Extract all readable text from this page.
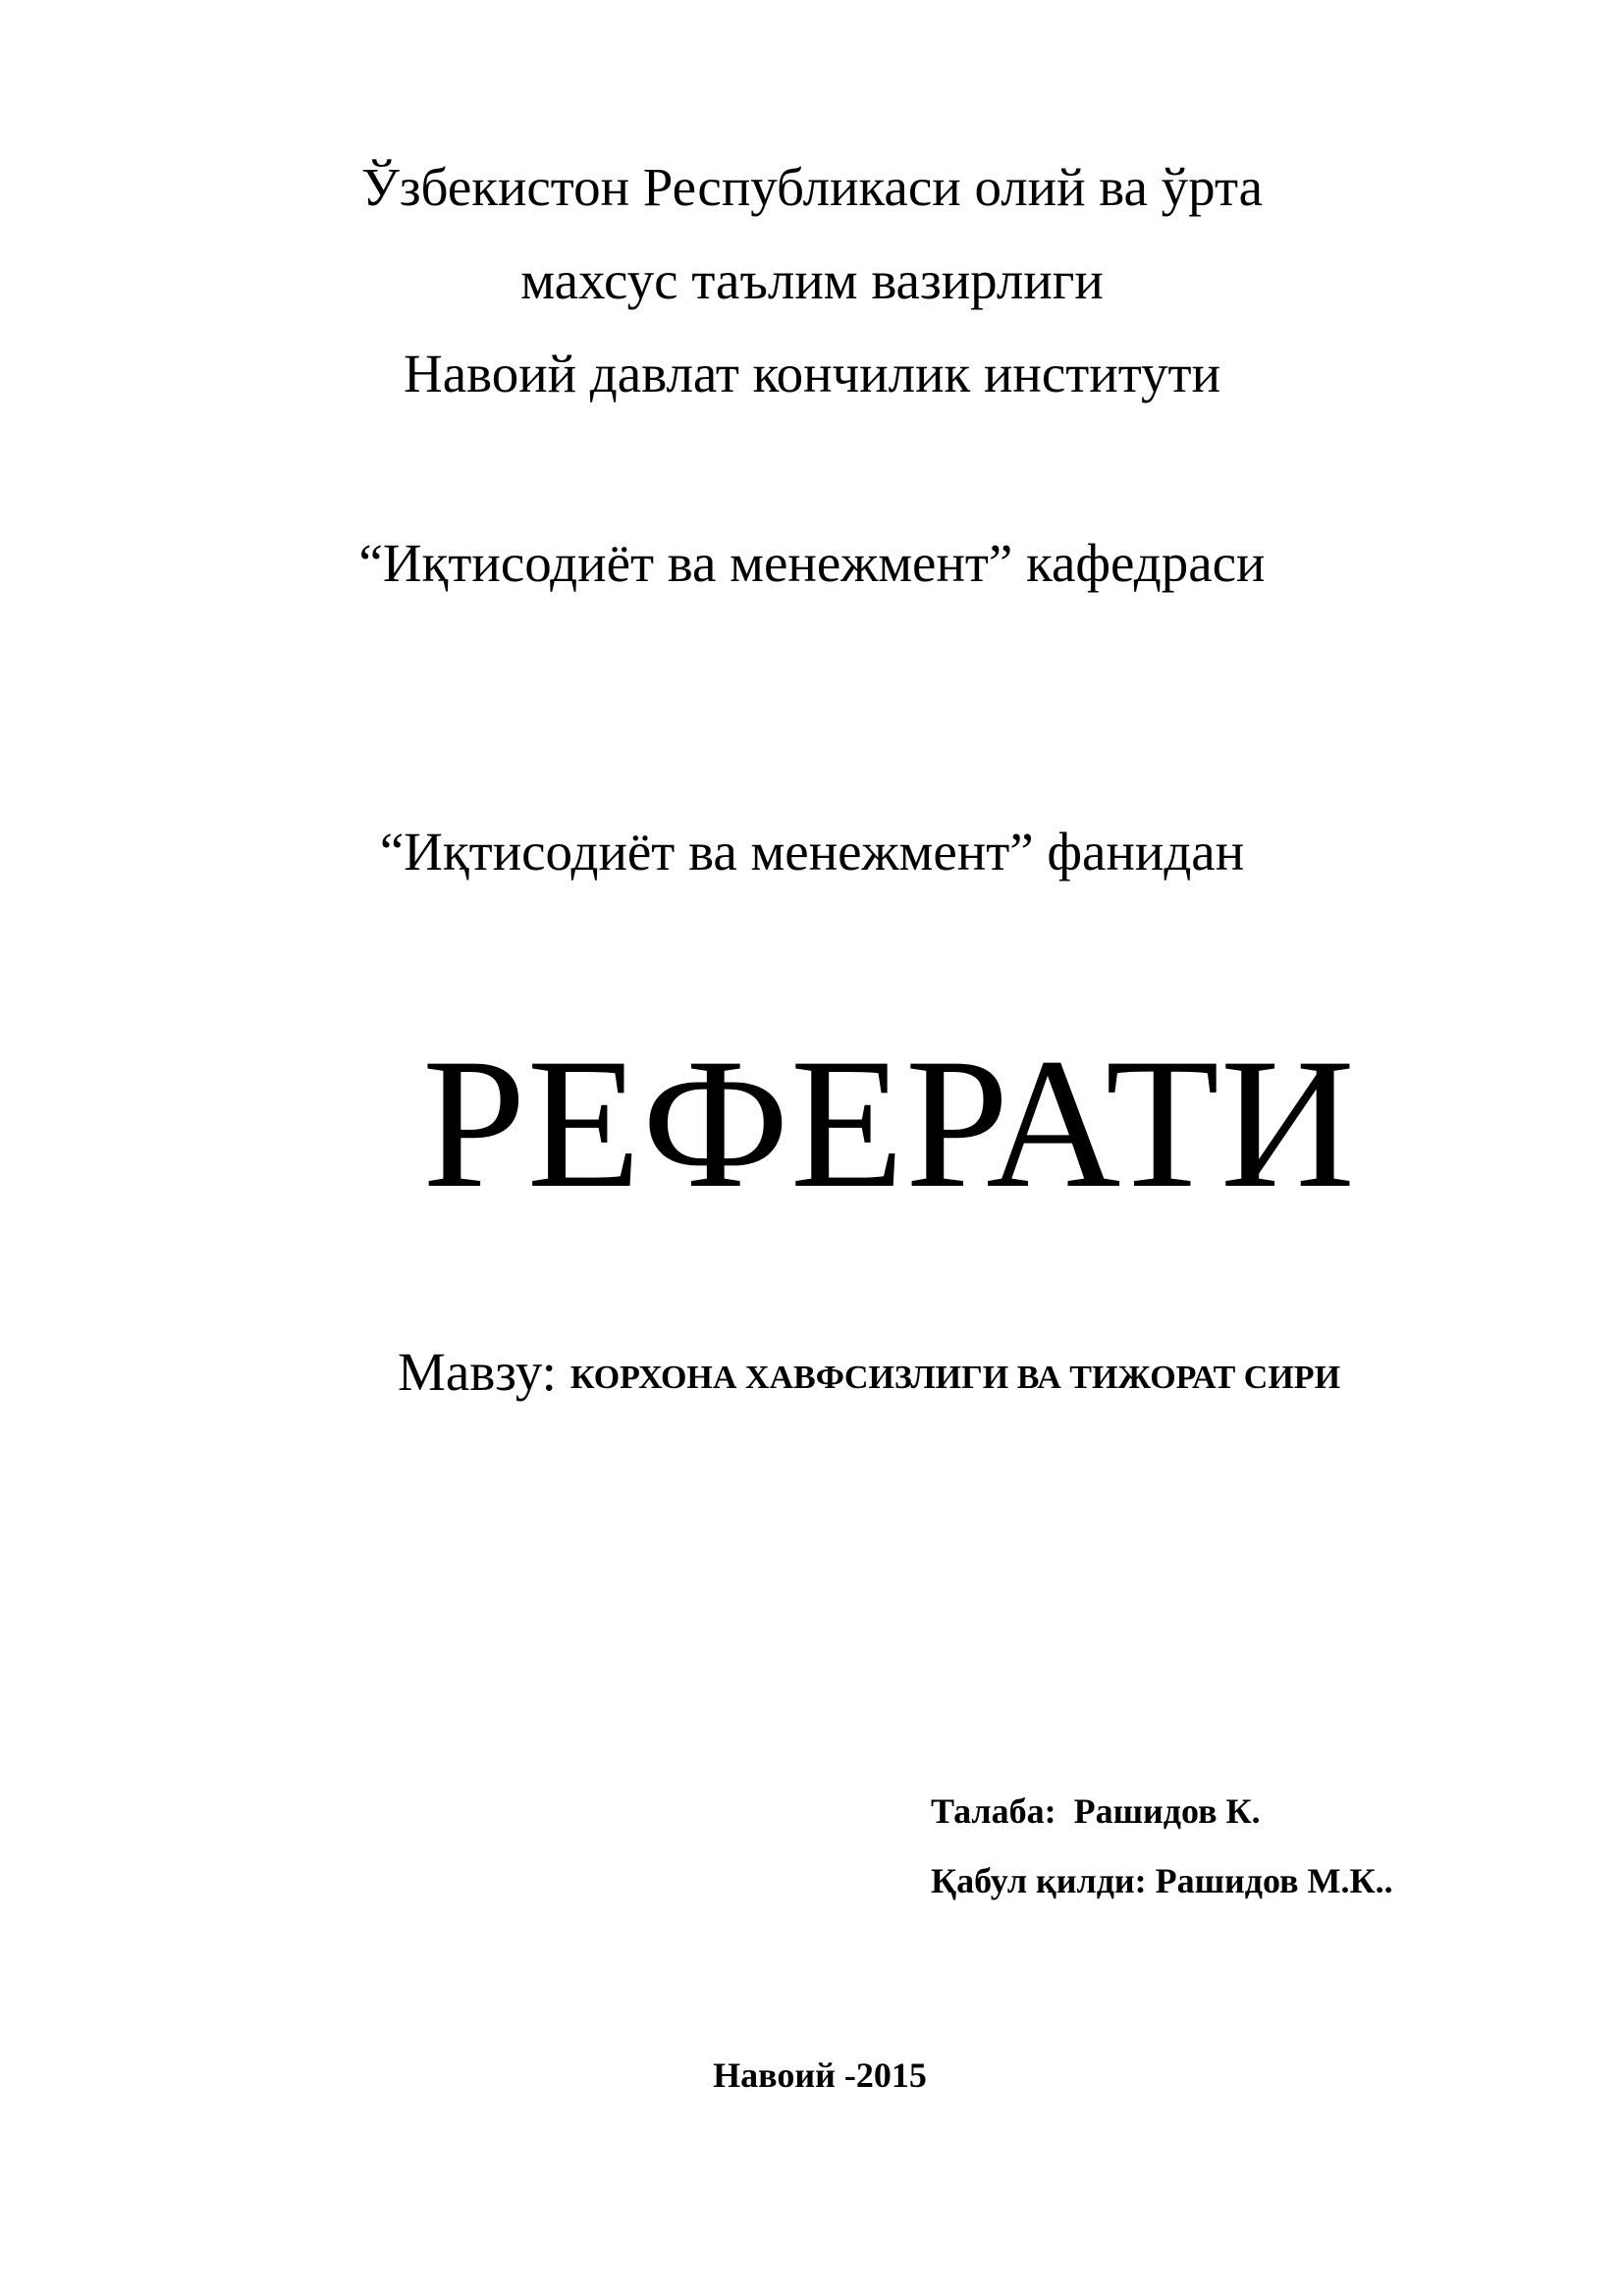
Ўзбекистон Республикаси олий ва ўрта
махсус таълим вазирлиги
Навоий давлат кончилик институти
“Иқтисодиёт ва менежмент” кафедраси
“Иқтисодиёт ва менежмент” фанидан
РЕФЕРАТИ
Мавзу: КОРХОНА ХАВФСИЗЛИГИ ВА ТИЖОРАТ СИРИ
Талаба: Рашидов К.
Қабул қилди: Рашидов М.К..
Навоий -2015
